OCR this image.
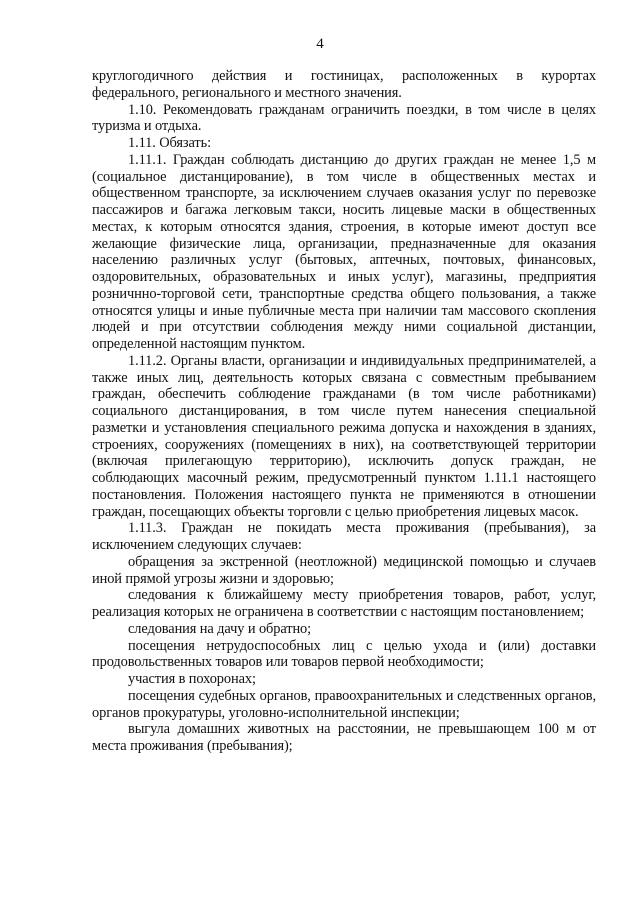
4

круглогодичного действия и гостиницах, расположенных в курортах федерального, регионального и местного значения.

1.10. Рекомендовать гражданам ограничить поездки, в том числе в целях туризма и отдыха.

1.11. Обязать:

1.11.1. Граждан соблюдать дистанцию до других граждан не менее 1,5 м (социальное дистанцирование), в том числе в общественных местах и общественном транспорте, за исключением случаев оказания услуг по перевозке пассажиров и багажа легковым такси, носить лицевые маски в общественных местах, к которым относятся здания, строения, в которые имеют доступ все желающие физические лица, организации, предназначенные для оказания населению различных услуг (бытовых, аптечных, почтовых, финансовых, оздоровительных, образовательных и иных услуг), магазины, предприятия розничнно-торговой сети, транспортные средства общего пользования, а также относятся улицы и иные публичные места при наличии там массового скопления людей и при отсутствии соблюдения между ними социальной дистанции, определенной настоящим пунктом.

1.11.2. Органы власти, организации и индивидуальных предпринимателей, а также иных лиц, деятельность которых связана с совместным пребыванием граждан, обеспечить соблюдение гражданами (в том числе работниками) социального дистанцирования, в том числе путем нанесения специальной разметки и установления специального режима допуска и нахождения в зданиях, строениях, сооружениях (помещениях в них), на соответствующей территории (включая прилегающую территорию), исключить допуск граждан, не соблюдающих масочный режим, предусмотренный пунктом 1.11.1 настоящего постановления. Положения настоящего пункта не применяются в отношении граждан, посещающих объекты торговли с целью приобретения лицевых масок.

1.11.3. Граждан не покидать места проживания (пребывания), за исключением следующих случаев:

обращения за экстренной (неотложной) медицинской помощью и случаев иной прямой угрозы жизни и здоровью;

следования к ближайшему месту приобретения товаров, работ, услуг, реализация которых не ограничена в соответствии с настоящим постановлением;

следования на дачу и обратно;

посещения нетрудоспособных лиц с целью ухода и (или) доставки продовольственных товаров или товаров первой необходимости;

участия в похоронах;

посещения судебных органов, правоохранительных и следственных органов, органов прокуратуры, уголовно-исполнительной инспекции;

выгула домашних животных на расстоянии, не превышающем 100 м от места проживания (пребывания);
